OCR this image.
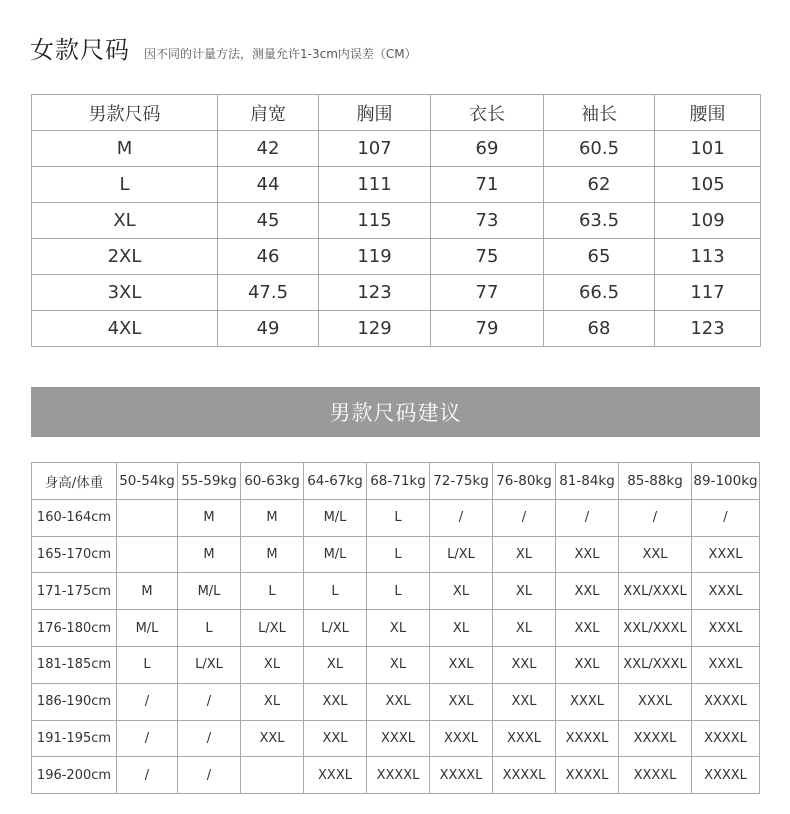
女款尺码 因不同的计量方法，测量允许1-3cm内误差（CM）
男款尺码	肩宽	胸围	衣长	袖长	腰围
M	42	107	69	60.5	101
L	44	111	71	62	105
XL	45	115	73	63.5	109
2XL	46	119	75	65	113
3XL	47.5	123	77	66.5	117
4XL	49	129	79	68	123
男款尺码建议
身高/体重	50-54kg	55-59kg	60-63kg	64-67kg	68-71kg	72-75kg	76-80kg	81-84kg	85-88kg	89-100kg
160-164cm		M	M	M/L	L	/	/	/	/	/
165-170cm		M	M	M/L	L	L/XL	XL	XXL	XXL	XXXL
171-175cm	M	M/L	L	L	L	XL	XL	XXL	XXL/XXXL	XXXL
176-180cm	M/L	L	L/XL	L/XL	XL	XL	XL	XXL	XXL/XXXL	XXXL
181-185cm	L	L/XL	XL	XL	XL	XXL	XXL	XXL	XXL/XXXL	XXXL
186-190cm	/	/	XL	XXL	XXL	XXL	XXL	XXXL	XXXL	XXXXL
191-195cm	/	/	XXL	XXL	XXXL	XXXL	XXXL	XXXXL	XXXXL	XXXXL
196-200cm	/	/		XXXL	XXXXL	XXXXL	XXXXL	XXXXL	XXXXL	XXXXL
